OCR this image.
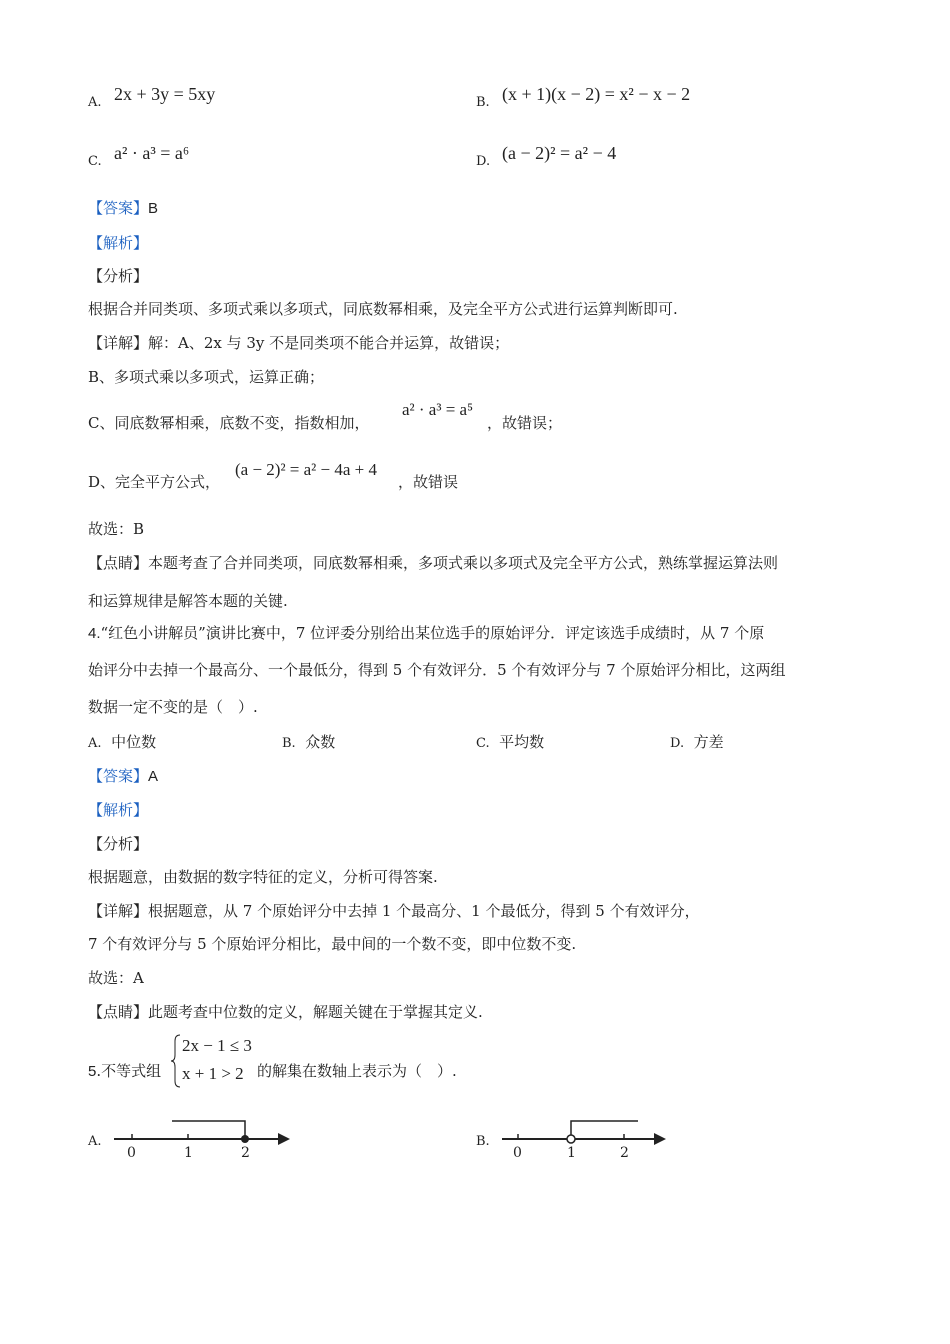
A. 2x + 3y = 5xy	B. (x + 1)(x − 2) = x² − x − 2
C. a² · a³ = a⁶	D. (a − 2)² = a² − 4
【答案】B
【解析】
【分析】
根据合并同类项、多项式乘以多项式，同底数幂相乘，及完全平方公式进行运算判断即可.
【详解】解：A、2x 与 3y 不是同类项不能合并运算，故错误；
B、多项式乘以多项式，运算正确；
C、同底数幂相乘，底数不变，指数相加，
a² · a³ = a⁵
，故错误；
D、完全平方公式，
(a − 2)² = a² − 4a + 4
，故错误
故选：B
【点睛】本题考查了合并同类项，同底数幂相乘，多项式乘以多项式及完全平方公式，熟练掌握运算法则
和运算规律是解答本题的关键.
4.“红色小讲解员”演讲比赛中，7 位评委分别给出某位选手的原始评分．评定该选手成绩时，从 7 个原
始评分中去掉一个最高分、一个最低分，得到 5 个有效评分．5 个有效评分与 7 个原始评分相比，这两组
数据一定不变的是（　）.
A. 中位数	B. 众数	C. 平均数	D. 方差
【答案】A
【解析】
【分析】
根据题意，由数据的数字特征的定义，分析可得答案.
【详解】根据题意，从 7 个原始评分中去掉 1 个最高分、1 个最低分，得到 5 个有效评分，
7 个有效评分与 5 个原始评分相比，最中间的一个数不变，即中位数不变.
故选：A
【点睛】此题考查中位数的定义，解题关键在于掌握其定义.
5.不等式组
2x − 1 ≤ 3
x + 1 > 2 的解集在数轴上表示为（　）.
A.
0	1	2
B.
0	1	2
